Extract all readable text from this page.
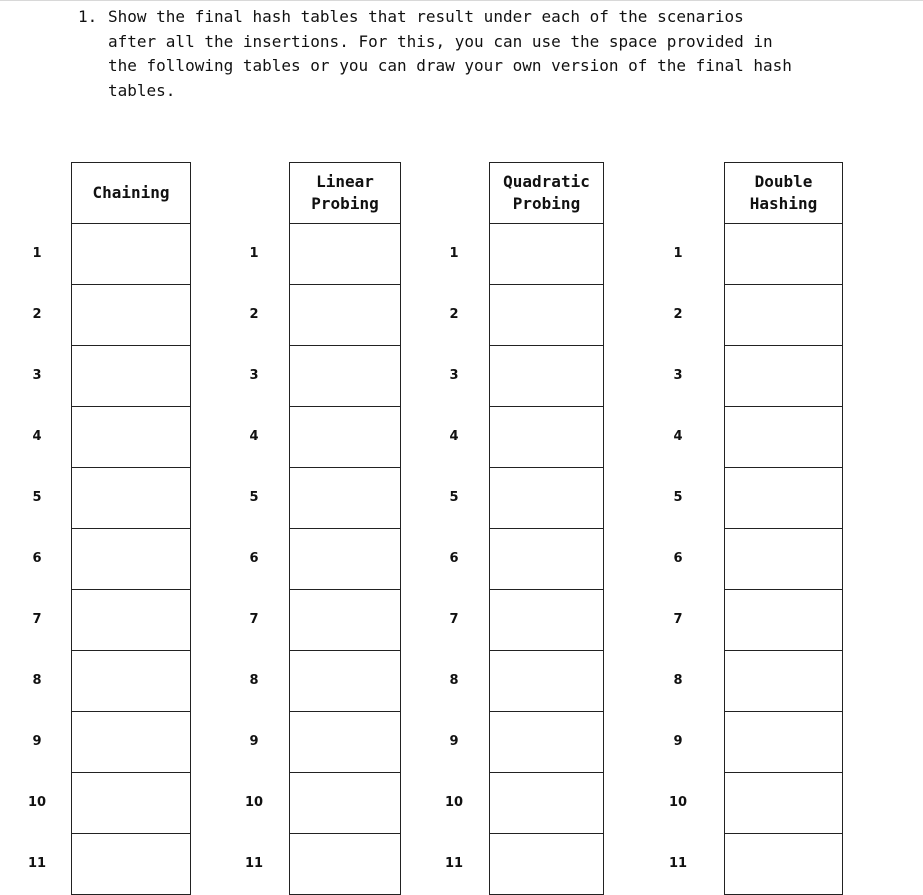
1. Show the final hash tables that result under each of the scenarios
after all the insertions. For this, you can use the space provided in
the following tables or you can draw your own version of the final hash
tables.
Chaining
1
2
3
4
5
6
7
8
9
10
11
Linear
Probing
1
2
3
4
5
6
7
8
9
10
11
Quadratic
Probing
1
2
3
4
5
6
7
8
9
10
11
Double
Hashing
1
2
3
4
5
6
7
8
9
10
11
